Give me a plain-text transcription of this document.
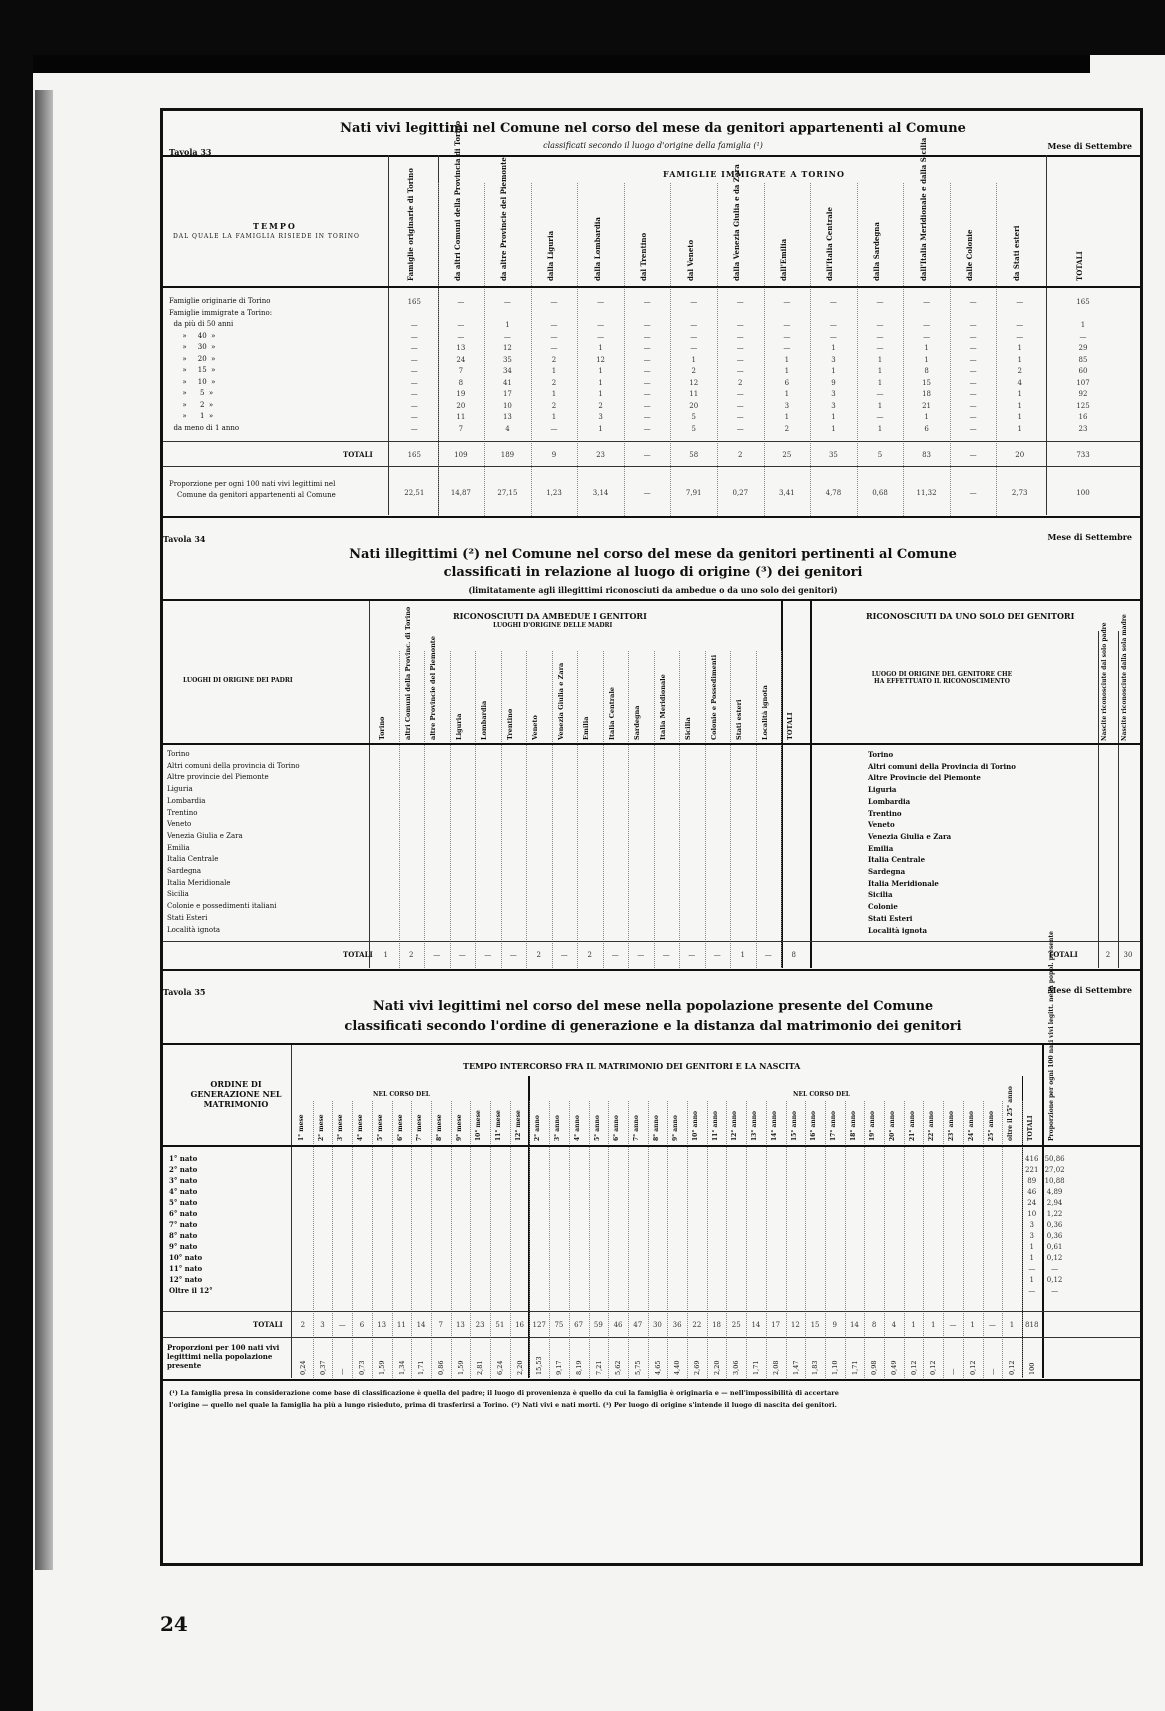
Tavola 33
Nati vivi legittimi nel Comune nel corso del mese da genitori appartenenti al Comune
classificati secondo il luogo d'origine della famiglia (¹)	Mese di Settembre
FAMIGLIE IMMIGRATE A TORINO
TEMPO
DAL QUALE LA FAMIGLIA RISIEDE IN TORINO	Famiglie originarie di Torino	da altri Comuni della Provincia di Torino	da altre Provincie del Piemonte	dalla Liguria	dalla Lombardia	dal Trentino	dal Veneto	dalla Venezia Giulia e da Zara	dall'Emilia	dall'Italia Centrale	dalla Sardegna	dall'Italia Meridionale e dalla Sicilia	dalle Colonie	da Stati esteri	TOTALI
Famiglie originarie di Torino	165	—	—	—	—	—	—	—	—	—	—	—	—	—	165
Famiglie immigrate a Torino:
da più di 50 anni	—	—	1	—	—	—	—	—	—	—	—	—	—	—	1
»     40  »	—	—	—	—	—	—	—	—	—	—	—	—	—	—	—
»     30  »	—	13	12	—	1	—	—	—	—	1	—	1	—	1	29
»     20  »	—	24	35	2	12	—	1	—	1	3	1	1	—	1	85
»     15  »	—	7	34	1	1	—	2	—	1	1	1	8	—	2	60
»     10  »	—	8	41	2	1	—	12	2	6	9	1	15	—	4	107
»      5  »	—	19	17	1	1	—	11	—	1	3	—	18	—	1	92
»      2  »	—	20	10	2	2	—	20	—	3	3	1	21	—	1	125
»      1  »	—	11	13	1	3	—	5	—	1	1	—	1	—	1	16
da meno di 1 anno	—	7	4	—	1	—	5	—	2	1	1	6	—	1	23
TOTALI	165	109	189	9	23	—	58	2	25	35	5	83	—	20	733
Proporzione per ogni 100 nati vivi legittimi nel
Comune da genitori appartenenti al Comune	22,51	14,87	27,15	1,23	3,14	—	7,91	0,27	3,41	4,78	0,68	11,32	—	2,73	100
Tavola 34	Mese di Settembre
Nati illegittimi (²) nel Comune nel corso del mese da genitori pertinenti al Comune
classificati in relazione al luogo di origine (³) dei genitori
(limitatamente agli illegittimi riconosciuti da ambedue o da uno solo dei genitori)
RICONOSCIUTI DA AMBEDUE I GENITORI
LUOGHI D'ORIGINE DELLE MADRI
RICONOSCIUTI DA UNO SOLO DEI GENITORI
LUOGHI DI ORIGINE DEI PADRI
LUOGO DI ORIGINE DEL GENITORE CHE HA EFFETTUATO IL RICONOSCIMENTO
Torino	altri Comuni della Provinc. di Torino	altre Provincie del Piemonte	Liguria	Lombardia	Trentino	Veneto	Venezia Giulia e Zara	Emilia	Italia Centrale	Sardegna	Italia Meridionale	Sicilia	Colonie e Possedimenti	Stati esteri	Località ignota	TOTALI	Nascite riconosciute dal solo padre Nascite riconosciute dalla sola madre
Torino	Torino
Altri comuni della provincia di Torino	Altri comuni della Provincia di Torino
Altre provincie del Piemonte	Altre Provincie del Piemonte
Liguria	Liguria
Lombardia	Lombardia
Trentino	Trentino
Veneto	Veneto
Venezia Giulia e Zara	Venezia Giulia e Zara
Emilia	Emilia
Italia Centrale	Italia Centrale
Sardegna	Sardegna
Italia Meridionale	Italia Meridionale
Sicilia	Sicilia
Colonie e possedimenti italiani	Colonie
Stati Esteri	Stati Esteri
Località ignota	Località ignota
TOTALI	1	2	—	—	—	—	2	—	2	—	—	—	—	—	1	—	8	TOTALI	2	30
Tavola 35	Mese di Settembre
Nati vivi legittimi nel corso del mese nella popolazione presente del Comune
classificati secondo l'ordine di generazione e la distanza dal matrimonio dei genitori
ORDINE DI GENERAZIONE NEL MATRIMONIO
TEMPO INTERCORSO FRA IL MATRIMONIO DEI GENITORI E LA NASCITA
NEL CORSO DEL	NEL CORSO DEL	Proporzione per ogni 100 nati vivi legitt. nella popol. presente
1° mese 2° mese 3° mese 4° mese 5° mese 6° mese 7° mese 8° mese 9° mese 10° mese 11° mese 12° mese 2° anno 3° anno 4° anno 5° anno 6° anno 7° anno 8° anno 9° anno 10° anno 11° anno 12° anno 13° anno 14° anno 15° anno 16° anno 17° anno 18° anno 19° anno 20° anno 21° anno 22° anno 23° anno 24° anno 25° anno oltre il 25° anno TOTALI
1° nato	416 50,86
2° nato	221 27,02
3° nato	89	10,88
4° nato	46	4,89
5° nato	24	2,94
6° nato	10	1,22
7° nato	3	0,36
8° nato	3	0,36
9° nato	1	0,61
10° nato	1	0,12
11° nato	—	—
12° nato	1	0,12
Oltre il 12°	—	—
TOTALI	2	3	—	6	13	11	14	7	13	23	51	16	127	75	67	59	46	47	30	36	22	18	25	14	17	12	15	9	14	8	4	1	1	—	1	—	1	818
Proporzioni per 100 nati vivi legittimi nella popolazione presente	0,24 0,37 — 0,73 1,59 1,34 1,71 0,86 1,59 2,81 6,24 2,20 15,53 9,17 8,19 7,21 5,62 5,75 4,65 4,40 2,69 2,20 3,06 1,71 2,08 1,47 1,83 1,10 1,71 0,98 0,49 0,12 0,12 — 0,12 — 0,12 100
(¹) La famiglia presa in considerazione come base di classificazione è quella del padre; il luogo di provenienza è quello da cui la famiglia è originaria e — nell'impossibilità di accertare
l'origine — quello nel quale la famiglia ha più a lungo risieduto, prima di trasferirsi a Torino. (²) Nati vivi e nati morti. (³) Per luogo di origine s'intende il luogo di nascita dei genitori.
24
